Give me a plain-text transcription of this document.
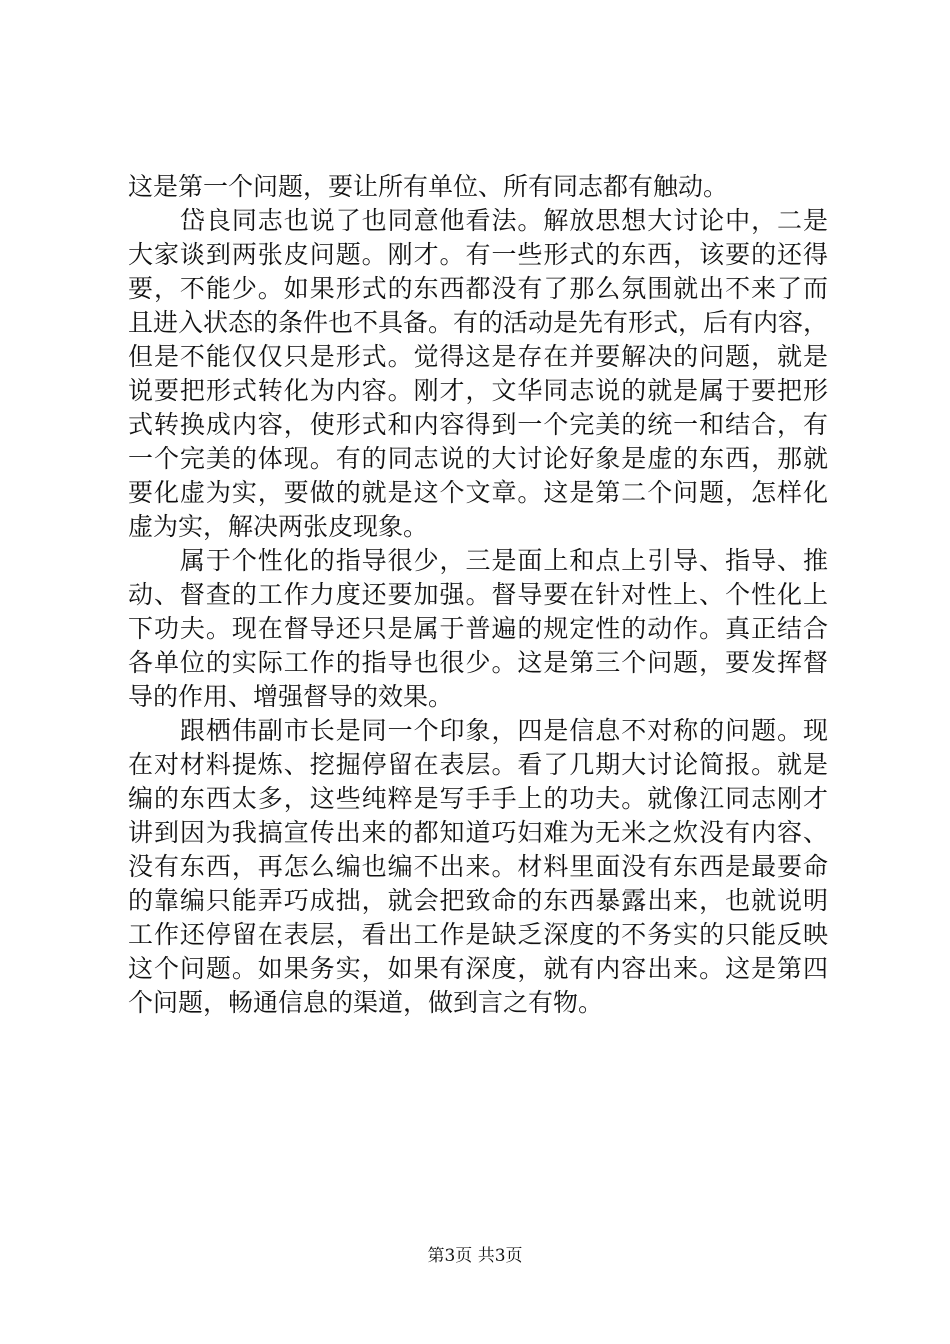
这是第一个问题，要让所有单位、所有同志都有触动。
　　岱良同志也说了也同意他看法。解放思想大讨论中，二是
大家谈到两张皮问题。刚才。有一些形式的东西，该要的还得
要，不能少。如果形式的东西都没有了那么氛围就出不来了而
且进入状态的条件也不具备。有的活动是先有形式，后有内容，
但是不能仅仅只是形式。觉得这是存在并要解决的问题，就是
说要把形式转化为内容。刚才，文华同志说的就是属于要把形
式转换成内容，使形式和内容得到一个完美的统一和结合，有
一个完美的体现。有的同志说的大讨论好象是虚的东西，那就
要化虚为实，要做的就是这个文章。这是第二个问题，怎样化
虚为实，解决两张皮现象。
　　属于个性化的指导很少，三是面上和点上引导、指导、推
动、督查的工作力度还要加强。督导要在针对性上、个性化上
下功夫。现在督导还只是属于普遍的规定性的动作。真正结合
各单位的实际工作的指导也很少。这是第三个问题，要发挥督
导的作用、增强督导的效果。
　　跟栖伟副市长是同一个印象，四是信息不对称的问题。现
在对材料提炼、挖掘停留在表层。看了几期大讨论简报。就是
编的东西太多，这些纯粹是写手手上的功夫。就像江同志刚才
讲到因为我搞宣传出来的都知道巧妇难为无米之炊没有内容、
没有东西，再怎么编也编不出来。材料里面没有东西是最要命
的靠编只能弄巧成拙，就会把致命的东西暴露出来，也就说明
工作还停留在表层，看出工作是缺乏深度的不务实的只能反映
这个问题。如果务实，如果有深度，就有内容出来。这是第四
个问题，畅通信息的渠道，做到言之有物。
第3页 共3页
